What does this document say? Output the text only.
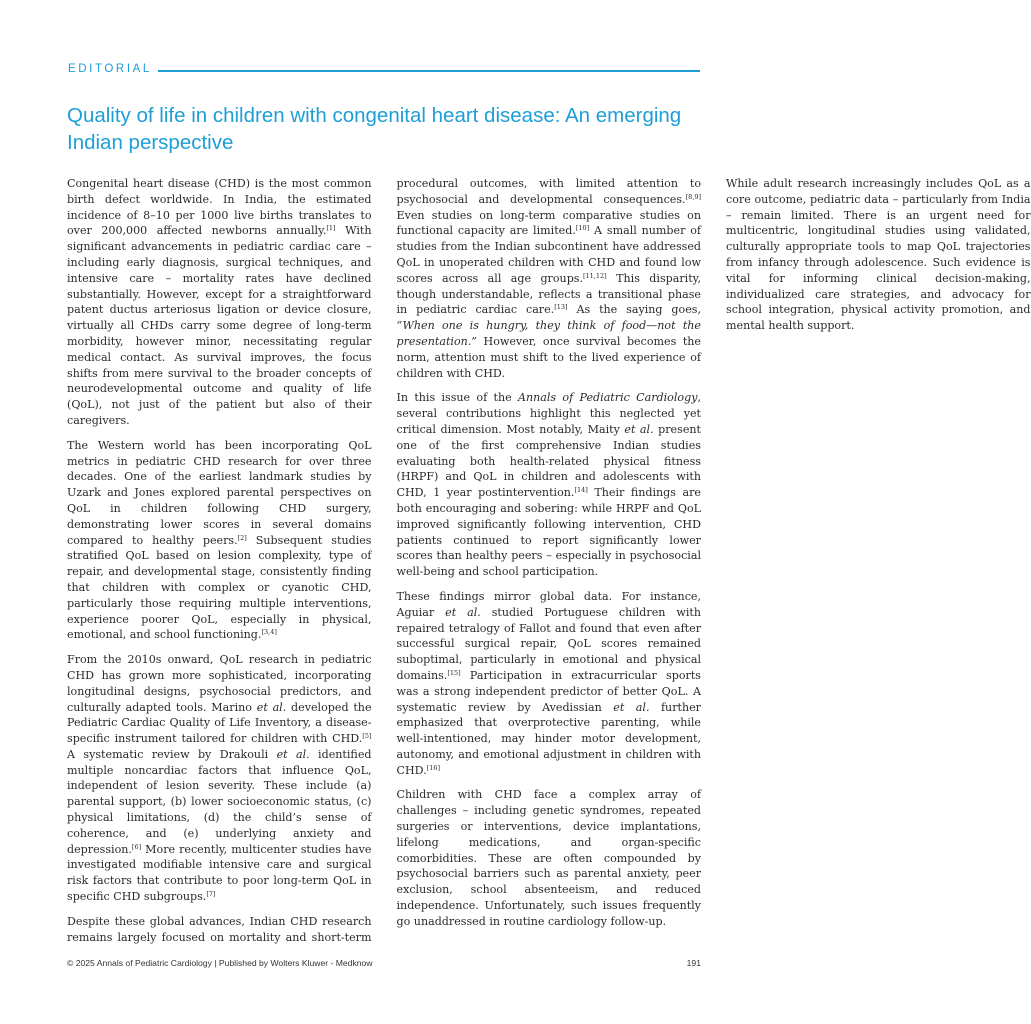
EDITORIAL
Quality of life in children with congenital heart disease: An emerging Indian perspective

Congenital heart disease (CHD) is the most common birth defect worldwide. In India, the estimated incidence of 8–10 per 1000 live births translates to over 200,000 affected newborns annually.[1] With significant advancements in pediatric cardiac care – including early diagnosis, surgical techniques, and intensive care – mortality rates have declined substantially. However, except for a straightforward patent ductus arteriosus ligation or device closure, virtually all CHDs carry some degree of long-term morbidity, however minor, necessitating regular medical contact. As survival improves, the focus shifts from mere survival to the broader concepts of neurodevelopmental outcome and quality of life (QoL), not just of the patient but also of their caregivers.

The Western world has been incorporating QoL metrics in pediatric CHD research for over three decades. One of the earliest landmark studies by Uzark and Jones explored parental perspectives on QoL in children following CHD surgery, demonstrating lower scores in several domains compared to healthy peers.[2] Subsequent studies stratified QoL based on lesion complexity, type of repair, and developmental stage, consistently finding that children with complex or cyanotic CHD, particularly those requiring multiple interventions, experience poorer QoL, especially in physical, emotional, and school functioning.[3,4]

From the 2010s onward, QoL research in pediatric CHD has grown more sophisticated, incorporating longitudinal designs, psychosocial predictors, and culturally adapted tools. Marino et al. developed the Pediatric Cardiac Quality of Life Inventory, a disease-specific instrument tailored for children with CHD.[5] A systematic review by Drakouli et al. identified multiple noncardiac factors that influence QoL, independent of lesion severity. These include (a) parental support, (b) lower socioeconomic status, (c) physical limitations, (d) the child’s sense of coherence, and (e) underlying anxiety and depression.[6] More recently, multicenter studies have investigated modifiable intensive care and surgical risk factors that contribute to poor long-term QoL in specific CHD subgroups.[7]

Despite these global advances, Indian CHD research remains largely focused on mortality and short-term procedural outcomes, with limited attention to psychosocial and developmental consequences.[8,9] Even studies on long-term comparative studies on functional capacity are limited.[10] A small number of studies from the Indian subcontinent have addressed QoL in unoperated children with CHD and found low scores across all age groups.[11,12] This disparity, though understandable, reflects a transitional phase in pediatric cardiac care.[13] As the saying goes, “When one is hungry, they think of food—not the presentation.” However, once survival becomes the norm, attention must shift to the lived experience of children with CHD.

In this issue of the Annals of Pediatric Cardiology, several contributions highlight this neglected yet critical dimension. Most notably, Maity et al. present one of the first comprehensive Indian studies evaluating both health-related physical fitness (HRPF) and QoL in children and adolescents with CHD, 1 year postintervention.[14] Their findings are both encouraging and sobering: while HRPF and QoL improved significantly following intervention, CHD patients continued to report significantly lower scores than healthy peers – especially in psychosocial well-being and school participation.

These findings mirror global data. For instance, Aguiar et al. studied Portuguese children with repaired tetralogy of Fallot and found that even after successful surgical repair, QoL scores remained suboptimal, particularly in emotional and physical domains.[15] Participation in extracurricular sports was a strong independent predictor of better QoL. A systematic review by Avedissian et al. further emphasized that overprotective parenting, while well-intentioned, may hinder motor development, autonomy, and emotional adjustment in children with CHD.[16]

Children with CHD face a complex array of challenges – including genetic syndromes, repeated surgeries or interventions, device implantations, lifelong medications, and organ-specific comorbidities. These are often compounded by psychosocial barriers such as parental anxiety, peer exclusion, school absenteeism, and reduced independence. Unfortunately, such issues frequently go unaddressed in routine cardiology follow-up.

While adult research increasingly includes QoL as a core outcome, pediatric data – particularly from India – remain limited. There is an urgent need for multicentric, longitudinal studies using validated, culturally appropriate tools to map QoL trajectories from infancy through adolescence. Such evidence is vital for informing clinical decision-making, individualized care strategies, and advocacy for school integration, physical activity promotion, and mental health support.

© 2025 Annals of Pediatric Cardiology | Published by Wolters Kluwer - Medknow	191
